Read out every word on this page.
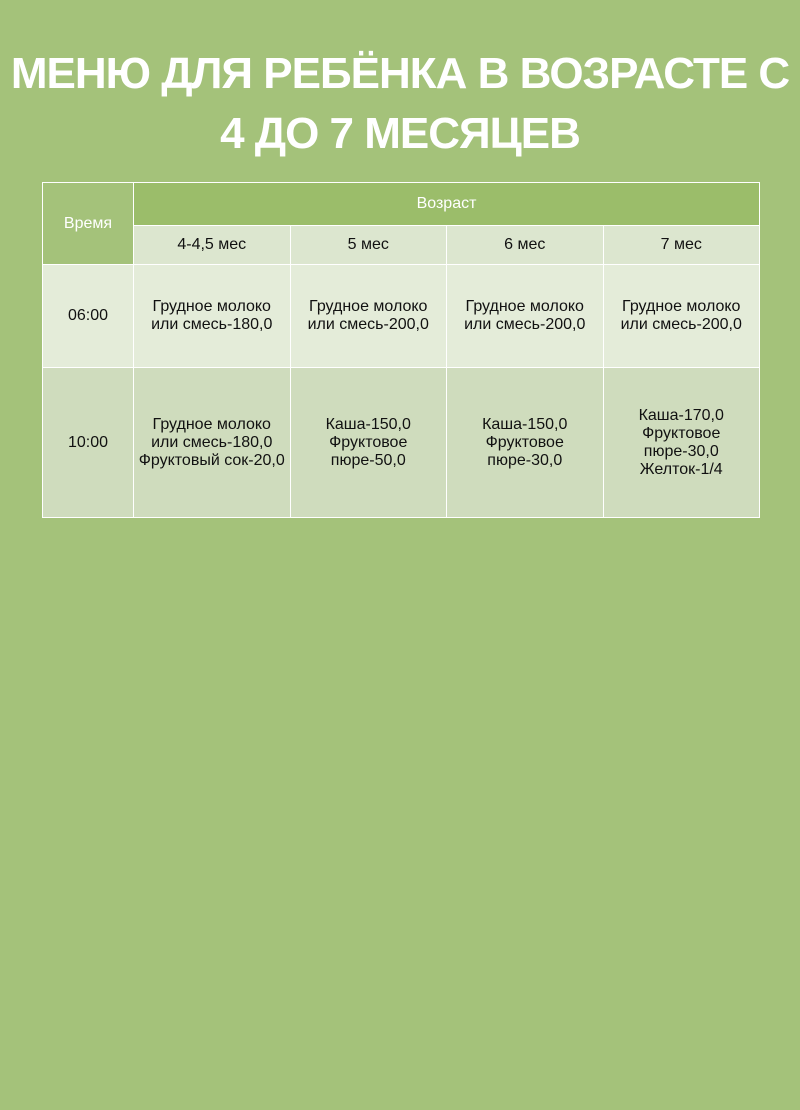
МЕНЮ ДЛЯ РЕБЁНКА В ВОЗРАСТЕ С 4 ДО 7 МЕСЯЦЕВ
Время	Возраст			
	4-4,5 мес	5 мес	6 мес	7 мес
06:00	Грудное молоко или смесь-180,0	Грудное молоко или смесь-200,0	Грудное молоко или смесь-200,0	Грудное молоко или смесь-200,0
10:00	Грудное молоко или смесь-180,0 Фруктовый сок-20,0	Каша-150,0 Фруктовое пюре-50,0	Каша-150,0 Фруктовое пюре-30,0	Каша-170,0 Фруктовое пюре-30,0 Желток-1/4
